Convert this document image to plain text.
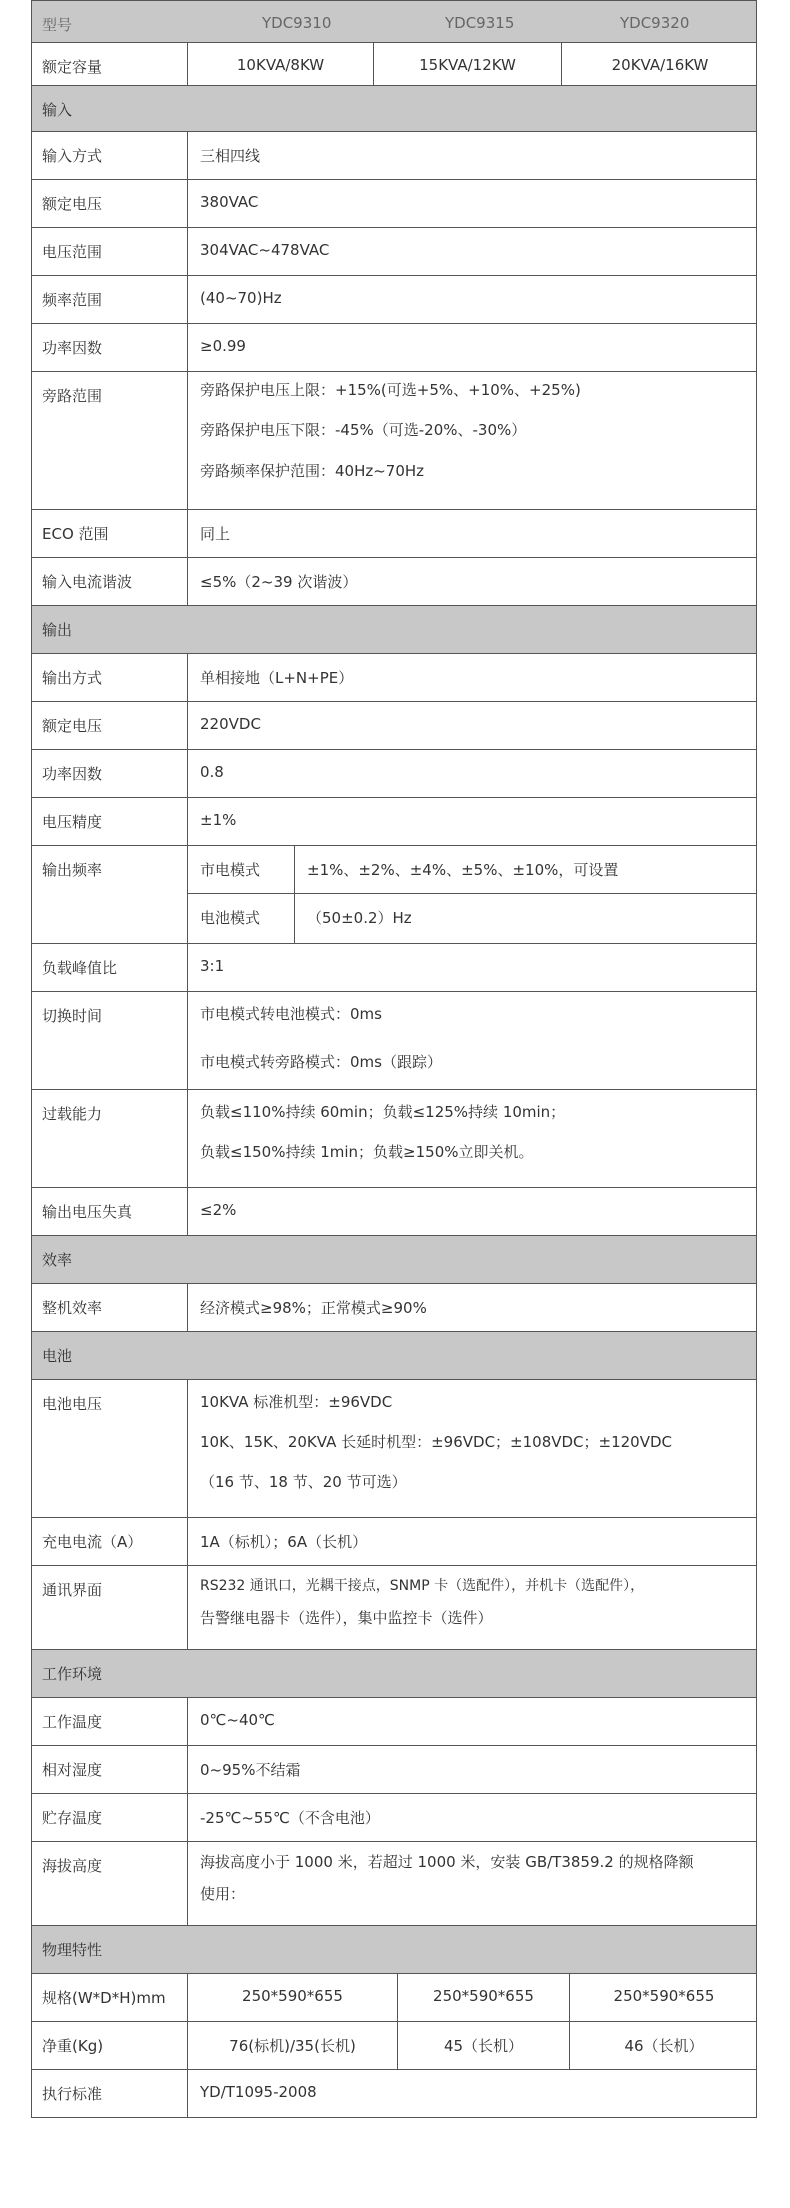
型号	YDC9310	YDC9315	YDC9320
额定容量	10KVA/8KW	15KVA/12KW	20KVA/16KW
输入
输入方式	三相四线
额定电压	380VAC
电压范围	304VAC~478VAC
频率范围	(40~70)Hz
功率因数	≥0.99
旁路范围	旁路保护电压上限：+15%(可选+5%、+10%、+25%)
旁路保护电压下限：-45%（可选-20%、-30%）
旁路频率保护范围：40Hz~70Hz
ECO 范围	同上
输入电流谐波	≤5%（2~39 次谐波）
输出
输出方式	单相接地（L+N+PE）
额定电压	220VDC
功率因数	0.8
电压精度	±1%
输出频率	市电模式	±1%、±2%、±4%、±5%、±10%，可设置
电池模式	（50±0.2）Hz
负载峰值比	3:1
切换时间	市电模式转电池模式：0ms
市电模式转旁路模式：0ms（跟踪）
过载能力	负载≤110%持续 60min；负载≤125%持续 10min；
负载≤150%持续 1min；负载≥150%立即关机。
输出电压失真	≤2%
效率
整机效率	经济模式≥98%；正常模式≥90%
电池
电池电压	10KVA 标准机型：±96VDC
10K、15K、20KVA 长延时机型：±96VDC；±108VDC；±120VDC
（16 节、18 节、20 节可选）
充电电流（A）	1A（标机）；6A（长机）
通讯界面	RS232 通讯口，光耦干接点，SNMP 卡（选配件），并机卡（选配件），
告警继电器卡（选件），集中监控卡（选件）
工作环境
工作温度	0℃~40℃
相对湿度	0~95%不结霜
贮存温度	-25℃~55℃（不含电池）
海拔高度	海拔高度小于 1000 米，若超过 1000 米，安装 GB/T3859.2 的规格降额
使用：
物理特性
规格(W*D*H)mm	250*590*655	250*590*655	250*590*655
净重(Kg)	76(标机)/35(长机)	45（长机）	46（长机）
执行标准	YD/T1095-2008
